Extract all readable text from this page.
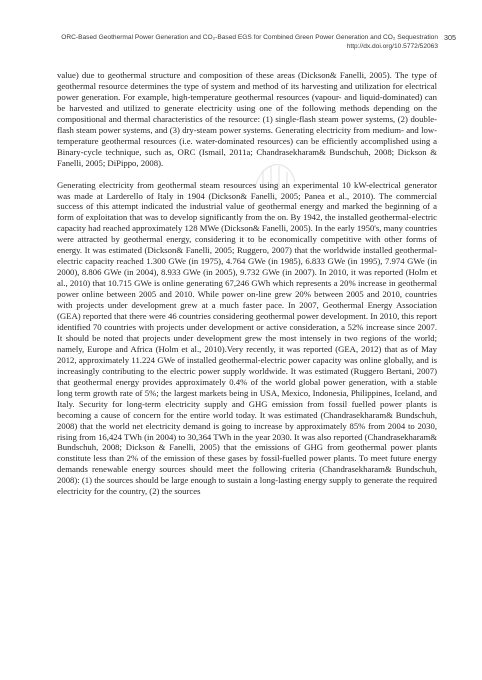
ORC-Based Geothermal Power Generation and CO₂-Based EGS for Combined Green Power Generation and CO₂ Sequestration
http://dx.doi.org/10.5772/52063
305

value) due to geothermal structure and composition of these areas (Dickson& Fanelli, 2005). The type of geothermal resource determines the type of system and method of its harvesting and utilization for electrical power generation. For example, high-temperature geothermal resources (vapour- and liquid-dominated) can be harvested and utilized to generate electricity using one of the following methods depending on the compositional and thermal characteristics of the resource: (1) single-flash steam power systems, (2) double-flash steam power systems, and (3) dry-steam power systems. Generating electricity from medium- and low-temperature geothermal resources (i.e. water-dominated resources) can be efficiently accomplished using a Binary-cycle technique, such as, ORC (Ismail, 2011a; Chandrasekharam& Bundschuh, 2008; Dickson & Fanelli, 2005; DiPippo, 2008).

Generating electricity from geothermal steam resources using an experimental 10 kW-electrical generator was made at Larderello of Italy in 1904 (Dickson& Fanelli, 2005; Panea et al., 2010). The commercial success of this attempt indicated the industrial value of geothermal energy and marked the beginning of a form of exploitation that was to develop significantly from the on. By 1942, the installed geothermal-electric capacity had reached approximately 128 MWe (Dickson& Fanelli, 2005). In the early 1950's, many countries were attracted by geothermal energy, considering it to be economically competitive with other forms of energy. It was estimated (Dickson& Fanelli, 2005; Ruggero, 2007) that the worldwide installed geothermal-electric capacity reached 1.300 GWe (in 1975), 4.764 GWe (in 1985), 6.833 GWe (in 1995), 7.974 GWe (in 2000), 8.806 GWe (in 2004), 8.933 GWe (in 2005), 9.732 GWe (in 2007). In 2010, it was reported (Holm et al., 2010) that 10.715 GWe is online generating 67,246 GWh which represents a 20% increase in geothermal power online between 2005 and 2010. While power on-line grew 20% between 2005 and 2010, countries with projects under development grew at a much faster pace. In 2007, Geothermal Energy Association (GEA) reported that there were 46 countries considering geothermal power development. In 2010, this report identified 70 countries with projects under development or active consideration, a 52% increase since 2007. It should be noted that projects under development grew the most intensely in two regions of the world; namely, Europe and Africa (Holm et al., 2010).Very recently, it was reported (GEA, 2012) that as of May 2012, approximately 11.224 GWe of installed geothermal-electric power capacity was online globally, and is increasingly contributing to the electric power supply worldwide. It was estimated (Ruggero Bertani, 2007) that geothermal energy provides approximately 0.4% of the world global power generation, with a stable long term growth rate of 5%; the largest markets being in USA, Mexico, Indonesia, Philippines, Iceland, and Italy. Security for long-term electricity supply and GHG emission from fossil fuelled power plants is becoming a cause of concern for the entire world today. It was estimated (Chandrasekharam& Bundschuh, 2008) that the world net electricity demand is going to increase by approximately 85% from 2004 to 2030, rising from 16,424 TWh (in 2004) to 30,364 TWh in the year 2030. It was also reported (Chandrasekharam& Bundschuh, 2008; Dickson & Fanelli, 2005) that the emissions of GHG from geothermal power plants constitute less than 2% of the emission of these gases by fossil-fuelled power plants. To meet future energy demands renewable energy sources should meet the following criteria (Chandrasekharam& Bundschuh, 2008): (1) the sources should be large enough to sustain a long-lasting energy supply to generate the required electricity for the country, (2) the sources
